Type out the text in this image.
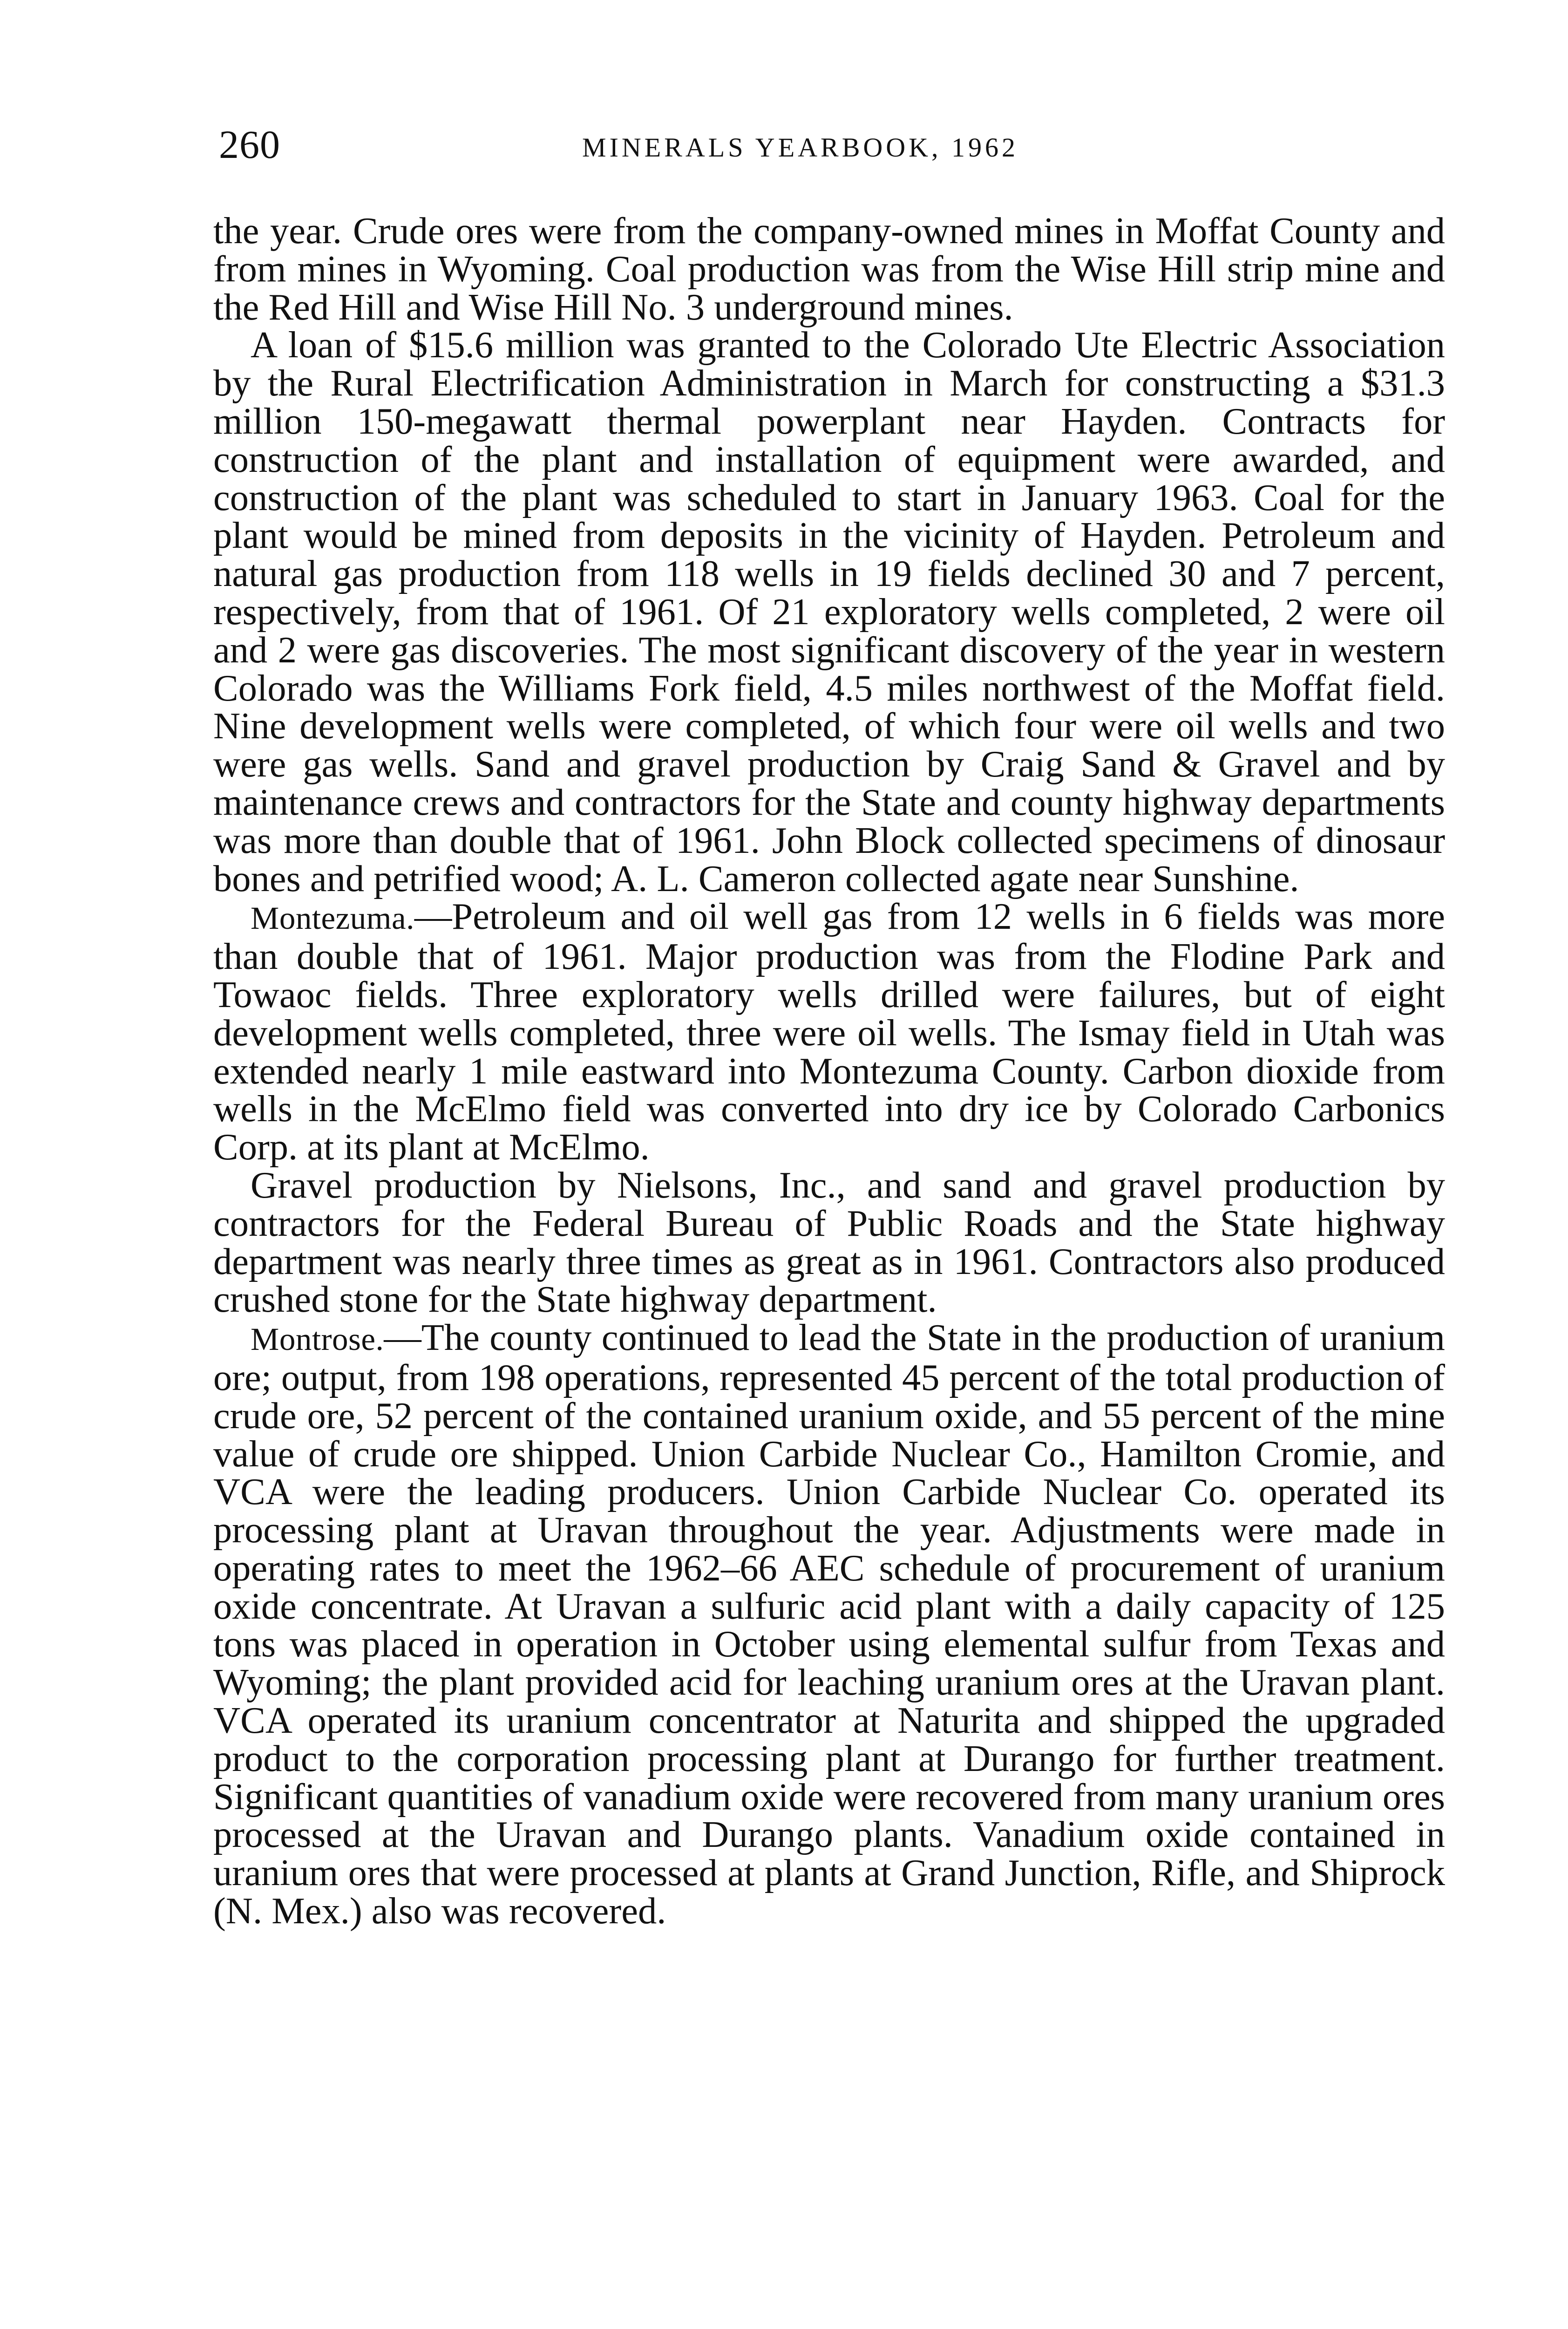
260	MINERALS YEARBOOK, 1962

the year. Crude ores were from the company-owned mines in Moffat County and from mines in Wyoming. Coal production was from the Wise Hill strip mine and the Red Hill and Wise Hill No. 3 underground mines.

A loan of $15.6 million was granted to the Colorado Ute Electric Association by the Rural Electrification Administration in March for constructing a $31.3 million 150-megawatt thermal powerplant near Hayden. Contracts for construction of the plant and installation of equipment were awarded, and construction of the plant was scheduled to start in January 1963. Coal for the plant would be mined from deposits in the vicinity of Hayden. Petroleum and natural gas production from 118 wells in 19 fields declined 30 and 7 percent, respectively, from that of 1961. Of 21 exploratory wells completed, 2 were oil and 2 were gas discoveries. The most significant discovery of the year in western Colorado was the Williams Fork field, 4.5 miles northwest of the Moffat field. Nine development wells were completed, of which four were oil wells and two were gas wells. Sand and gravel production by Craig Sand & Gravel and by maintenance crews and contractors for the State and county highway departments was more than double that of 1961. John Block collected specimens of dinosaur bones and petrified wood; A. L. Cameron collected agate near Sunshine.

Montezuma.—Petroleum and oil well gas from 12 wells in 6 fields was more than double that of 1961. Major production was from the Flodine Park and Towaoc fields. Three exploratory wells drilled were failures, but of eight development wells completed, three were oil wells. The Ismay field in Utah was extended nearly 1 mile eastward into Montezuma County. Carbon dioxide from wells in the McElmo field was converted into dry ice by Colorado Carbonics Corp. at its plant at McElmo.

Gravel production by Nielsons, Inc., and sand and gravel production by contractors for the Federal Bureau of Public Roads and the State highway department was nearly three times as great as in 1961. Contractors also produced crushed stone for the State highway department.

Montrose.—The county continued to lead the State in the production of uranium ore; output, from 198 operations, represented 45 percent of the total production of crude ore, 52 percent of the contained uranium oxide, and 55 percent of the mine value of crude ore shipped. Union Carbide Nuclear Co., Hamilton Cromie, and VCA were the leading producers. Union Carbide Nuclear Co. operated its processing plant at Uravan throughout the year. Adjustments were made in operating rates to meet the 1962–66 AEC schedule of procurement of uranium oxide concentrate. At Uravan a sulfuric acid plant with a daily capacity of 125 tons was placed in operation in October using elemental sulfur from Texas and Wyoming; the plant provided acid for leaching uranium ores at the Uravan plant. VCA operated its uranium concentrator at Naturita and shipped the upgraded product to the corporation processing plant at Durango for further treatment. Significant quantities of vanadium oxide were recovered from many uranium ores processed at the Uravan and Durango plants. Vanadium oxide contained in uranium ores that were processed at plants at Grand Junction, Rifle, and Shiprock (N. Mex.) also was recovered.
